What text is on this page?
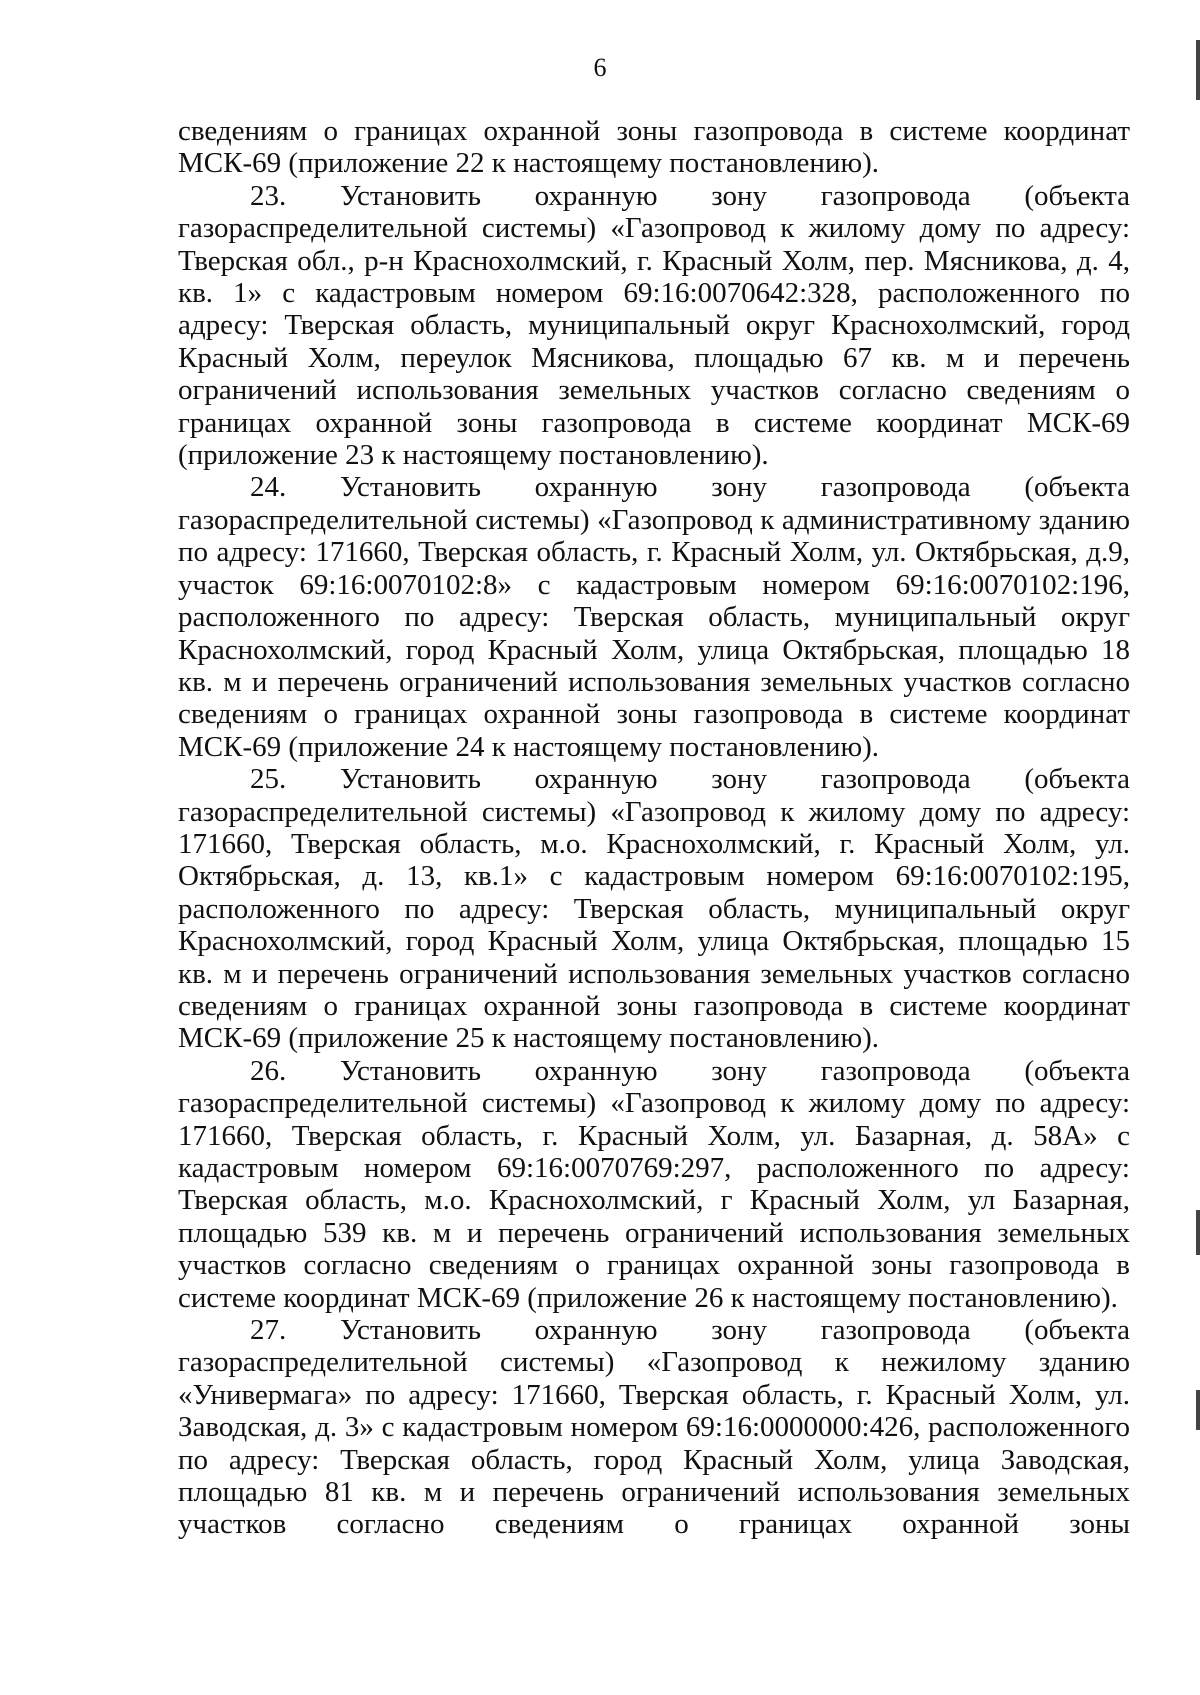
6

сведениям о границах охранной зоны газопровода в системе координат МСК-69 (приложение 22 к настоящему постановлению).

23. Установить охранную зону газопровода (объекта газораспределительной системы) «Газопровод к жилому дому по адресу: Тверская обл., р-н Краснохолмский, г. Красный Холм, пер. Мясникова, д. 4, кв. 1» с кадастровым номером 69:16:0070642:328, расположенного по адресу: Тверская область, муниципальный округ Краснохолмский, город Красный Холм, переулок Мясникова, площадью 67 кв. м и перечень ограничений использования земельных участков согласно сведениям о границах охранной зоны газопровода в системе координат МСК-69 (приложение 23 к настоящему постановлению).

24. Установить охранную зону газопровода (объекта газораспределительной системы) «Газопровод к административному зданию по адресу: 171660, Тверская область, г. Красный Холм, ул. Октябрьская, д.9, участок 69:16:0070102:8» с кадастровым номером 69:16:0070102:196, расположенного по адресу: Тверская область, муниципальный округ Краснохолмский, город Красный Холм, улица Октябрьская, площадью 18 кв. м и перечень ограничений использования земельных участков согласно сведениям о границах охранной зоны газопровода в системе координат МСК-69 (приложение 24 к настоящему постановлению).

25. Установить охранную зону газопровода (объекта газораспределительной системы) «Газопровод к жилому дому по адресу: 171660, Тверская область, м.о. Краснохолмский, г. Красный Холм, ул. Октябрьская, д. 13, кв.1» с кадастровым номером 69:16:0070102:195, расположенного по адресу: Тверская область, муниципальный округ Краснохолмский, город Красный Холм, улица Октябрьская, площадью 15 кв. м и перечень ограничений использования земельных участков согласно сведениям о границах охранной зоны газопровода в системе координат МСК-69 (приложение 25 к настоящему постановлению).

26. Установить охранную зону газопровода (объекта газораспределительной системы) «Газопровод к жилому дому по адресу: 171660, Тверская область, г. Красный Холм, ул. Базарная, д. 58А» с кадастровым номером 69:16:0070769:297, расположенного по адресу: Тверская область, м.о. Краснохолмский, г Красный Холм, ул Базарная, площадью 539 кв. м и перечень ограничений использования земельных участков согласно сведениям о границах охранной зоны газопровода в системе координат МСК-69 (приложение 26 к настоящему постановлению).

27. Установить охранную зону газопровода (объекта газораспределительной системы) «Газопровод к нежилому зданию «Универмага» по адресу: 171660, Тверская область, г. Красный Холм, ул. Заводская, д. 3» с кадастровым номером 69:16:0000000:426, расположенного по адресу: Тверская область, город Красный Холм, улица Заводская, площадью 81 кв. м и перечень ограничений использования земельных участков согласно сведениям о границах охранной зоны
